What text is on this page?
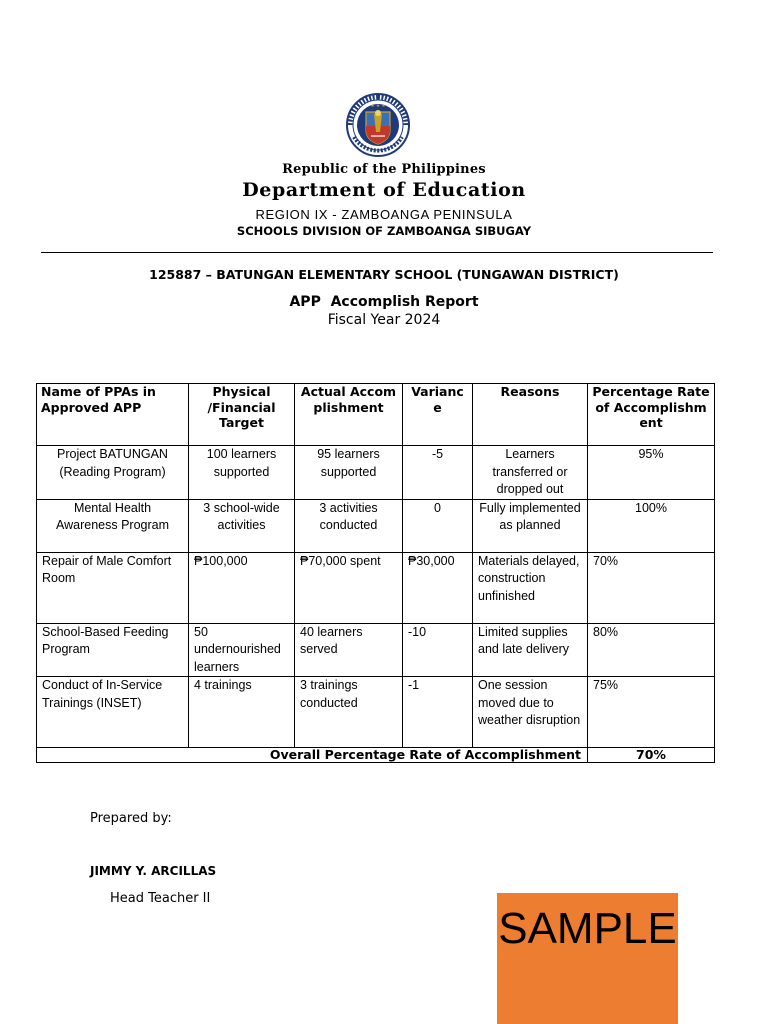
★ ★ ★
Republic of the Philippines
Department of Education
REGION IX - ZAMBOANGA PENINSULA
SCHOOLS DIVISION OF ZAMBOANGA SIBUGAY
125887 – BATUNGAN ELEMENTARY SCHOOL (TUNGAWAN DISTRICT)
APP  Accomplish Report
Fiscal Year 2024
Name of PPAs in Approved APP	Physical /Financial Target	Actual Accomplishment	Variance	Reasons	Percentage Rate of Accomplishment
Project BATUNGAN (Reading Program)	100 learners supported	95 learners supported	-5	Learners transferred or dropped out	95%
Mental Health Awareness Program	3 school-wide activities	3 activities conducted	0	Fully implemented as planned	100%
Repair of Male Comfort Room	₱100,000	₱70,000 spent	₱30,000	Materials delayed, construction unfinished	70%
School-Based Feeding Program	50 undernourished learners	40 learners served	-10	Limited supplies and late delivery	80%
Conduct of In-Service Trainings (INSET)	4 trainings	3 trainings conducted	-1	One session moved due to weather disruption	75%
Overall Percentage Rate of Accomplishment					70%
Prepared by:
JIMMY Y. ARCILLAS
Head Teacher II
SAMPLE
